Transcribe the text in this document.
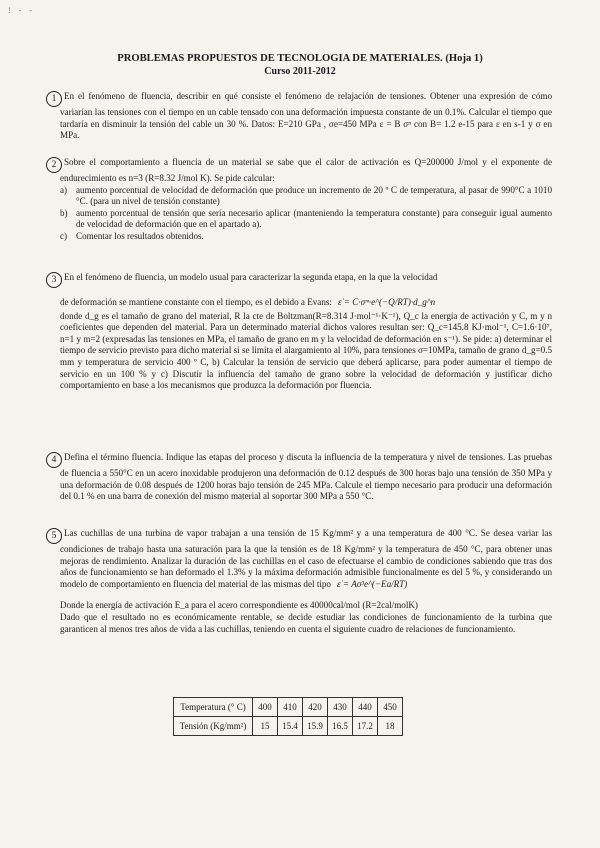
! - -
PROBLEMAS PROPUESTOS DE TECNOLOGIA DE MATERIALES. (Hoja 1)
Curso 2011-2012
1 En el fenómeno de fluencia, describir en qué consiste el fenómeno de relajación de tensiones. Obtener una expresión de cómo variarían las tensiones con el tiempo en un cable tensado con una deformación impuesta constante de un 0.1%. Calcular el tiempo que tardaría en disminuir la tensión del cable un 30 %. Datos: E=210 GPa , σe=450 MPa ε = B σⁿ con B= 1.2 e-15 para ε en s-1 y σ en MPa.
2 Sobre el comportamiento a fluencia de un material se sabe que el calor de activación es Q=200000 J/mol y el exponente de endurecimiento es n=3 (R=8.32 J/mol K). Se pide calcular:
a) aumento porcentual de velocidad de deformación que produce un incremento de 20 º C de temperatura, al pasar de 990°C a 1010 °C. (para un nivel de tensión constante)
b) aumento porcentual de tensión que sería necesario aplicar (manteniendo la temperatura constante) para conseguir igual aumento de velocidad de deformación que en el apartado a).
c) Comentar los resultados obtenidos.
3 En el fenómeno de fluencia, un modelo usual para caracterizar la segunda etapa, en la que la velocidad
de deformación se mantiene constante con el tiempo, es el debido a Evans: ε̇ = C·σᵐ·e^(−Q/RT)·d_g^n
donde d_g es el tamaño de grano del material, R la cte de Boltzman(R=8.314 J·mol⁻¹·K⁻¹), Q_c la energía de activación y C, m y n coeficientes que dependen del material. Para un determinado material dichos valores resultan ser: Q_c=145.8 KJ·mol⁻¹, C=1.6·10⁷, n=1 y m=2 (expresadas las tensiones en MPa, el tamaño de grano en m y la velocidad de deformación en s⁻¹). Se pide: a) determinar el tiempo de servicio previsto para dicho material si se limita el alargamiento al 10%, para tensiones σ=10MPa, tamaño de grano d_g=0.5 mm y temperatura de servicio 400 º C, b) Calcular la tensión de servicio que deberá aplicarse, para poder aumentar el tiempo de servicio en un 100 % y c) Discutir la influencia del tamaño de grano sobre la velocidad de deformación y justificar dicho comportamiento en base a los mecanismos que produzca la deformación por fluencia.
4 Defina el término fluencia. Indique las etapas del proceso y discuta la influencia de la temperatura y nivel de tensiones. Las pruebas de fluencia a 550°C en un acero inoxidable produjeron una deformación de 0.12 después de 300 horas bajo una tensión de 350 MPa y una deformación de 0.08 después de 1200 horas bajo tensión de 245 MPa. Calcule el tiempo necesario para producir una deformación del 0.1 % en una barra de conexión del mismo material al soportar 300 MPa a 550 °C.
5 Las cuchillas de una turbina de vapor trabajan a una tensión de 15 Kg/mm² y a una temperatura de 400 °C. Se desea variar las condiciones de trabajo hasta una saturación para la que la tensión es de 18 Kg/mm² y la temperatura de 450 °C, para obtener unas mejoras de rendimiento. Analizar la duración de las cuchillas en el caso de efectuarse el cambio de condiciones sabiendo que tras dos años de funcionamiento se han deformado el 1.3% y la máxima deformación admisible funcionalmente es del 5 %, y considerando un modelo de comportamiento en fluencia del material de las mismas del tipo ε̇ = Aσ³e^(−Ea/RT)
Donde la energía de activación E_a para el acero correspondiente es 40000cal/mol (R=2cal/molK)
Dado que el resultado no es económicamente rentable, se decide estudiar las condiciones de funcionamiento de la turbina que garanticen al menos tres años de vida a las cuchillas, teniendo en cuenta el siguiente cuadro de relaciones de funcionamiento.
Temperatura (° C)	400	410	420	430	440	450
Tensión (Kg/mm²)	15	15.4	15.9	16.5	17.2	18
